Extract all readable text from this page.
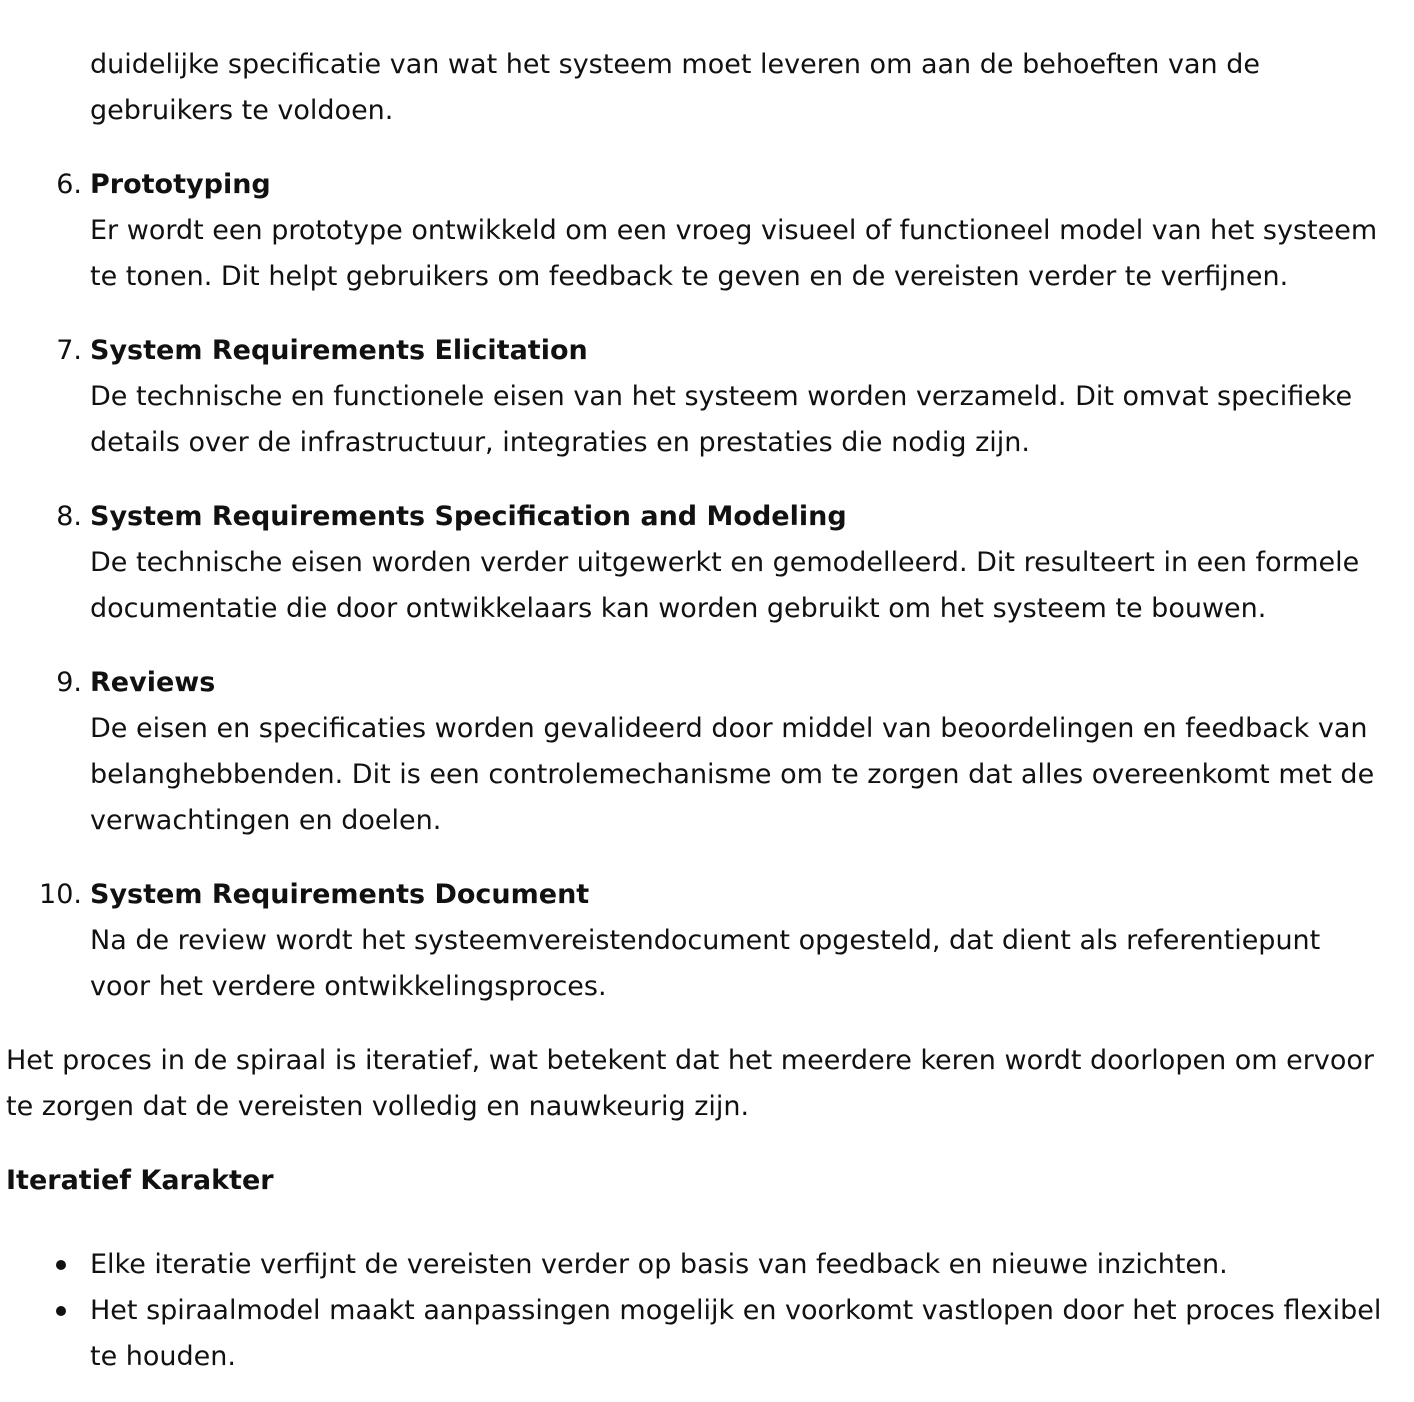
duidelijke specificatie van wat het systeem moet leveren om aan de behoeften van de gebruikers te voldoen.
6. Prototyping
Er wordt een prototype ontwikkeld om een vroeg visueel of functioneel model van het systeem te tonen. Dit helpt gebruikers om feedback te geven en de vereisten verder te verfijnen.
7. System Requirements Elicitation
De technische en functionele eisen van het systeem worden verzameld. Dit omvat specifieke details over de infrastructuur, integraties en prestaties die nodig zijn.
8. System Requirements Specification and Modeling
De technische eisen worden verder uitgewerkt en gemodelleerd. Dit resulteert in een formele documentatie die door ontwikkelaars kan worden gebruikt om het systeem te bouwen.
9. Reviews
De eisen en specificaties worden gevalideerd door middel van beoordelingen en feedback van belanghebbenden. Dit is een controlemechanisme om te zorgen dat alles overeenkomt met de verwachtingen en doelen.
10. System Requirements Document
Na de review wordt het systeemvereistendocument opgesteld, dat dient als referentiepunt voor het verdere ontwikkelingsproces.

Het proces in de spiraal is iteratief, wat betekent dat het meerdere keren wordt doorlopen om ervoor te zorgen dat de vereisten volledig en nauwkeurig zijn.

Iteratief Karakter
Elke iteratie verfijnt de vereisten verder op basis van feedback en nieuwe inzichten.
Het spiraalmodel maakt aanpassingen mogelijk en voorkomt vastlopen door het proces flexibel te houden.
